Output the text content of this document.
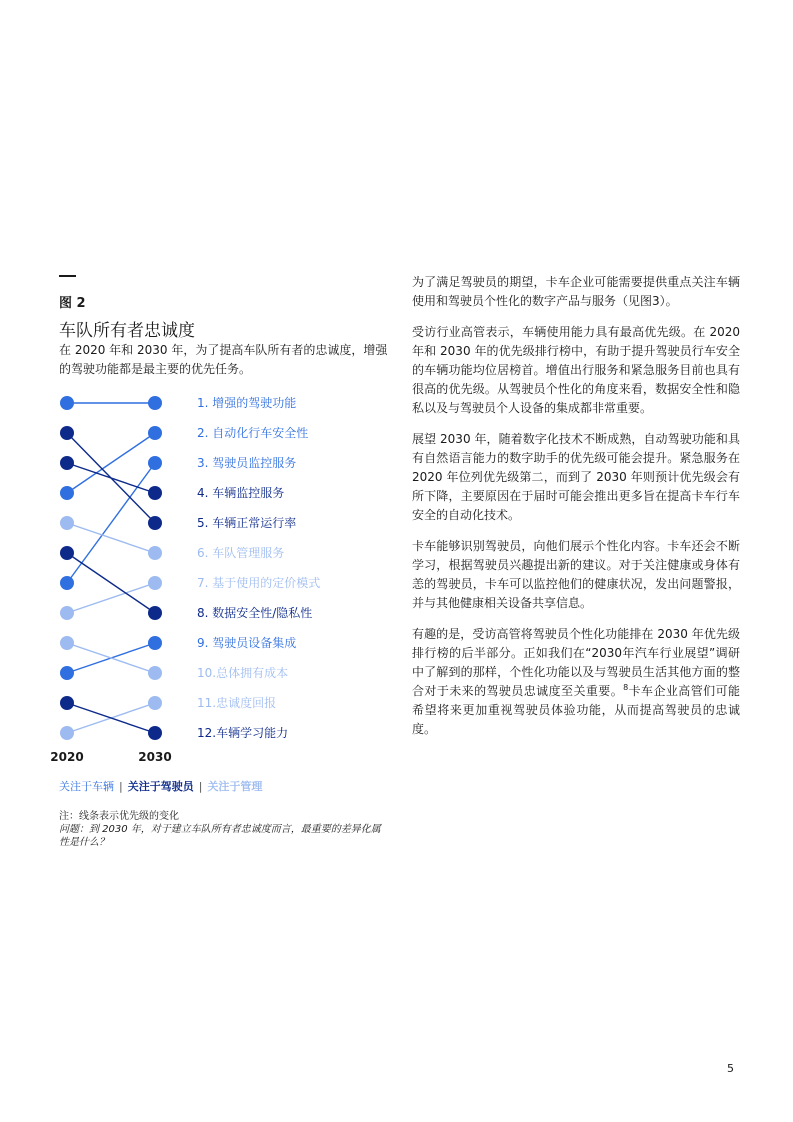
图 2
车队所有者忠诚度
在 2020 年和 2030 年，为了提高车队所有者的忠诚度，增强的驾驶功能都是最主要的优先任务。
1. 增强的驾驶功能
2. 自动化行车安全性
3. 驾驶员监控服务
4. 车辆监控服务
5. 车辆正常运行率
6. 车队管理服务
7. 基于使用的定价模式
8. 数据安全性/隐私性
9. 驾驶员设备集成
10.总体拥有成本
11.忠诚度回报
12.车辆学习能力
2020	2030
关注于车辆 | 关注于驾驶员 | 关注于管理
注：线条表示优先级的变化
问题：到 2030 年，对于建立车队所有者忠诚度而言，最重要的差异化属性是什么？

为了满足驾驶员的期望，卡车企业可能需要提供重点关注车辆使用和驾驶员个性化的数字产品与服务（见图3）。

受访行业高管表示，车辆使用能力具有最高优先级。在 2020 年和 2030 年的优先级排行榜中，有助于提升驾驶员行车安全的车辆功能均位居榜首。增值出行服务和紧急服务目前也具有很高的优先级。从驾驶员个性化的角度来看，数据安全性和隐私以及与驾驶员个人设备的集成都非常重要。

展望 2030 年，随着数字化技术不断成熟，自动驾驶功能和具有自然语言能力的数字助手的优先级可能会提升。紧急服务在 2020 年位列优先级第二，而到了 2030 年则预计优先级会有所下降，主要原因在于届时可能会推出更多旨在提高卡车行车安全的自动化技术。

卡车能够识别驾驶员，向他们展示个性化内容。卡车还会不断学习，根据驾驶员兴趣提出新的建议。对于关注健康或身体有恙的驾驶员，卡车可以监控他们的健康状况，发出问题警报，并与其他健康相关设备共享信息。

有趣的是，受访高管将驾驶员个性化功能排在 2030 年优先级排行榜的后半部分。正如我们在“2030年汽车行业展望”调研中了解到的那样，个性化功能以及与驾驶员生活其他方面的整合对于未来的驾驶员忠诚度至关重要。$^8$卡车企业高管们可能希望将来更加重视驾驶员体验功能，从而提高驾驶员的忠诚度。

5
